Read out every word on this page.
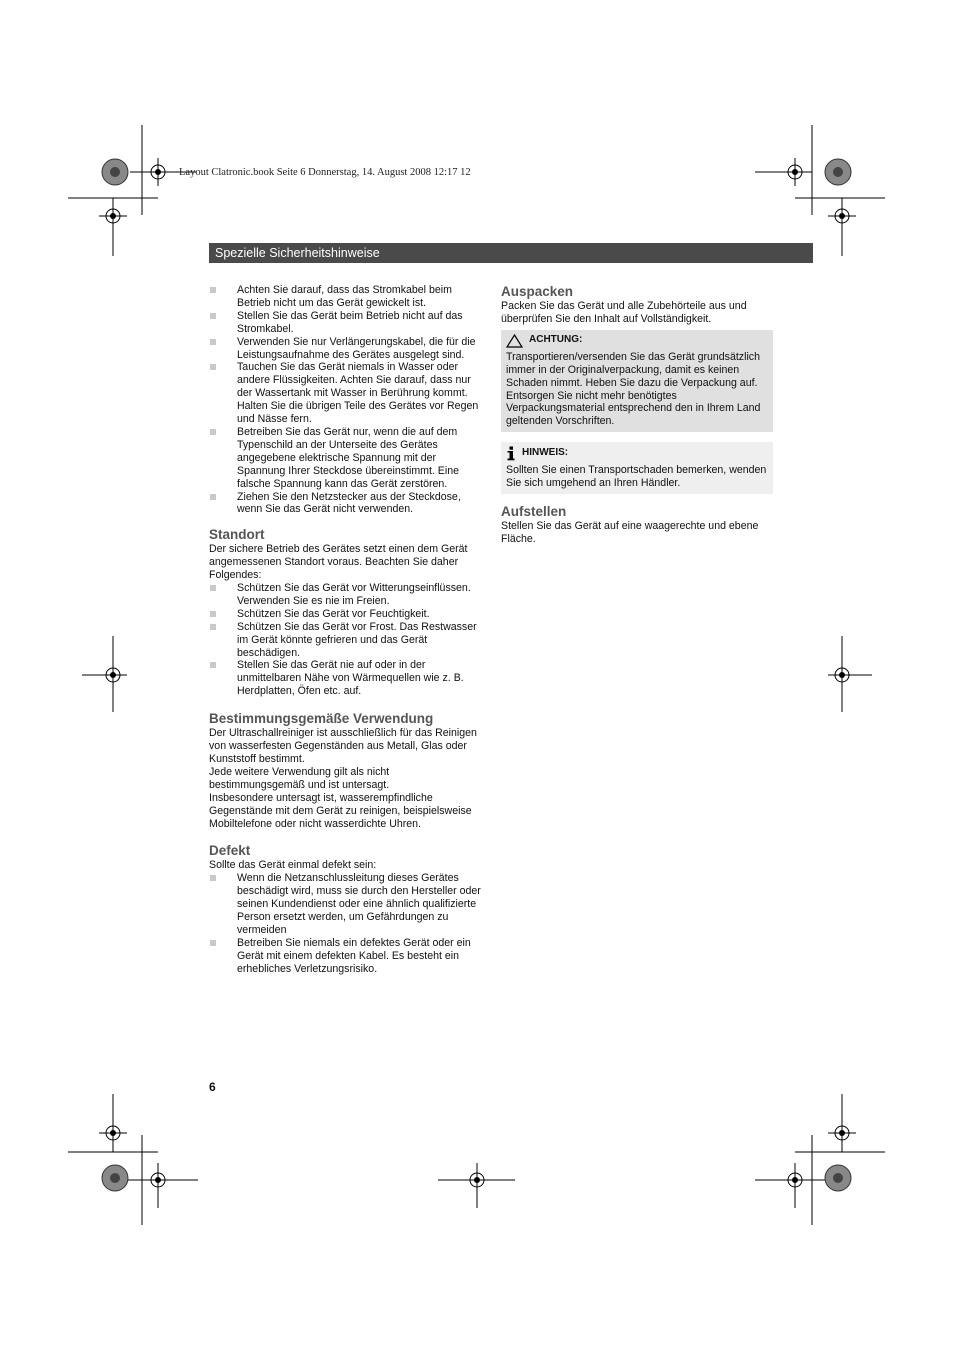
Layout Clatronic.book Seite 6 Donnerstag, 14. August 2008 12:17 12
Spezielle Sicherheitshinweise
Achten Sie darauf, dass das Stromkabel beim Betrieb nicht um das Gerät gewickelt ist.
Stellen Sie das Gerät beim Betrieb nicht auf das Stromkabel.
Verwenden Sie nur Verlängerungskabel, die für die Leistungsaufnahme des Gerätes ausgelegt sind.
Tauchen Sie das Gerät niemals in Wasser oder andere Flüssigkeiten. Achten Sie darauf, dass nur der Wassertank mit Wasser in Berührung kommt. Halten Sie die übrigen Teile des Gerätes vor Regen und Nässe fern.
Betreiben Sie das Gerät nur, wenn die auf dem Typenschild an der Unterseite des Gerätes angegebene elektrische Spannung mit der Spannung Ihrer Steckdose übereinstimmt. Eine falsche Spannung kann das Gerät zerstören.
Ziehen Sie den Netzstecker aus der Steckdose, wenn Sie das Gerät nicht verwenden.
Standort

Der sichere Betrieb des Gerätes setzt einen dem Gerät angemessenen Standort voraus. Beachten Sie daher Folgendes:

Schützen Sie das Gerät vor Witterungseinflüssen. Verwenden Sie es nie im Freien.
Schützen Sie das Gerät vor Feuchtigkeit.
Schützen Sie das Gerät vor Frost. Das Restwasser im Gerät könnte gefrieren und das Gerät beschädigen.
Stellen Sie das Gerät nie auf oder in der unmittelbaren Nähe von Wärmequellen wie z. B. Herdplatten, Öfen etc. auf.
Bestimmungsgemäße Verwendung

Der Ultraschallreiniger ist ausschließlich für das Reinigen von wasserfesten Gegenständen aus Metall, Glas oder Kunststoff bestimmt.

Jede weitere Verwendung gilt als nicht bestimmungsgemäß und ist untersagt.

Insbesondere untersagt ist, wasserempfindliche Gegenstände mit dem Gerät zu reinigen, beispielsweise Mobiltelefone oder nicht wasserdichte Uhren.

Defekt

Sollte das Gerät einmal defekt sein:

Wenn die Netzanschlussleitung dieses Gerätes beschädigt wird, muss sie durch den Hersteller oder seinen Kundendienst oder eine ähnlich qualifizierte Person ersetzt werden, um Gefährdungen zu vermeiden
Betreiben Sie niemals ein defektes Gerät oder ein Gerät mit einem defekten Kabel. Es besteht ein erhebliches Verletzungsrisiko.
Auspacken

Packen Sie das Gerät und alle Zubehörteile aus und überprüfen Sie den Inhalt auf Vollständigkeit.

ACHTUNG:

Transportieren/versenden Sie das Gerät grundsätzlich immer in der Originalverpackung, damit es keinen Schaden nimmt. Heben Sie dazu die Verpackung auf.

Entsorgen Sie nicht mehr benötigtes Verpackungsmaterial entsprechend den in Ihrem Land geltenden Vorschriften.

HINWEIS:

Sollten Sie einen Transportschaden bemerken, wenden Sie sich umgehend an Ihren Händler.

Aufstellen

Stellen Sie das Gerät auf eine waagerechte und ebene Fläche.

6
